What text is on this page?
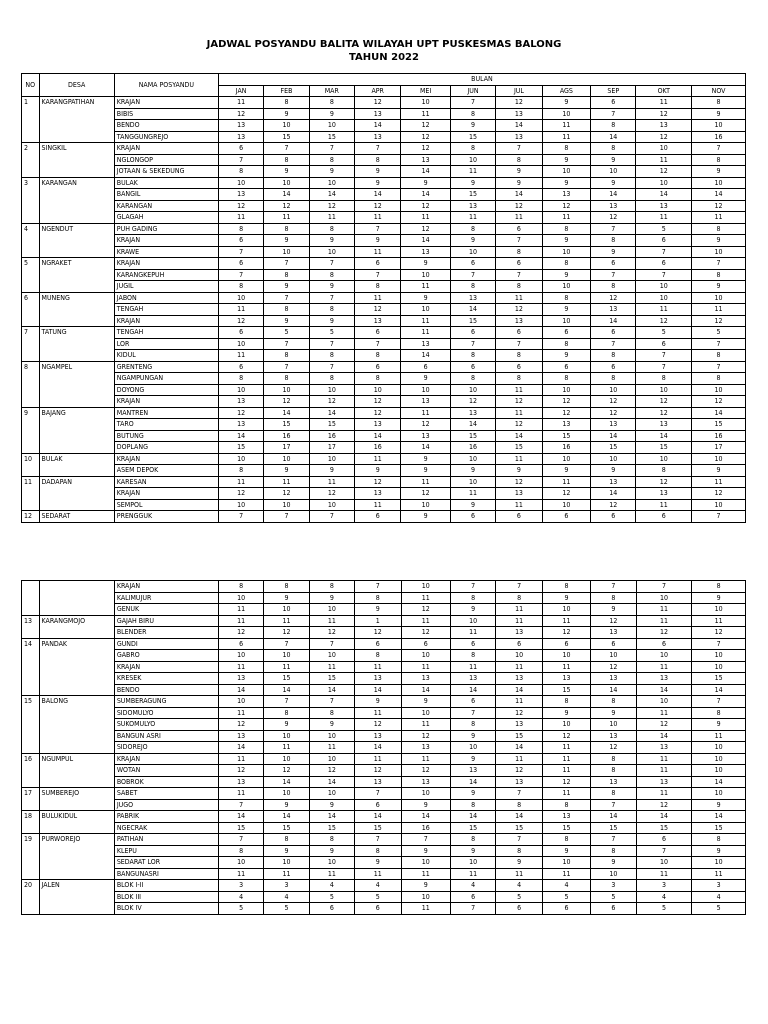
JADWAL POSYANDU BALITA WILAYAH UPT PUSKESMAS BALONG
TAHUN 2022
NO	DESA	NAMA POSYANDU	BULAN										
			JAN	FEB	MAR	APR	MEI	JUN	JUL	AGS	SEP	OKT	NOV
1	KARANGPATIHAN	KRAJAN	11	8	8	12	10	7	12	9	6	11	8
		BIBIS	12	9	9	13	11	8	13	10	7	12	9
		BENDO	13	10	10	14	12	9	14	11	8	13	10
		TANGGUNGREJO	13	15	15	13	12	15	13	11	14	12	16
2	SINGKIL	KRAJAN	6	7	7	7	12	8	7	8	8	10	7
		NGLONGOP	7	8	8	8	13	10	8	9	9	11	8
		JOTAAN & SEKEDUNG	8	9	9	9	14	11	9	10	10	12	9
3	KARANGAN	BULAK	10	10	10	9	9	9	9	9	9	10	10
		BANGIL	13	14	14	14	14	15	14	13	14	14	14
		KARANGAN	12	12	12	12	12	13	12	12	13	13	12
		GLAGAH	11	11	11	11	11	11	11	11	12	11	11
4	NGENDUT	PUH GADING	8	8	8	7	12	8	6	8	7	5	8
		KRAJAN	6	9	9	9	14	9	7	9	8	6	9
		KRAWE	7	10	10	11	13	10	8	10	9	7	10
5	NGRAKET	KRAJAN	6	7	7	6	9	6	6	8	6	6	7
		KARANGKEPUH	7	8	8	7	10	7	7	9	7	7	8
		JUGIL	8	9	9	8	11	8	8	10	8	10	9
6	MUNENG	JABON	10	7	7	11	9	13	11	8	12	10	10
		TENGAH	11	8	8	12	10	14	12	9	13	11	11
		KRAJAN	12	9	9	13	11	15	13	10	14	12	12
7	TATUNG	TENGAH	6	5	5	6	11	6	6	6	6	5	5
		LOR	10	7	7	7	13	7	7	8	7	6	7
		KIDUL	11	8	8	8	14	8	8	9	8	7	8
8	NGAMPEL	GRENTENG	6	7	7	6	6	6	6	6	6	7	7
		NGAMPUNGAN	8	8	8	8	9	8	8	8	8	8	8
		DOYONG	10	10	10	10	10	10	11	10	10	10	10
		KRAJAN	13	12	12	12	13	12	12	12	12	12	12
9	BAJANG	MANTREN	12	14	14	12	11	13	11	12	12	12	14
		TARO	13	15	15	13	12	14	12	13	13	13	15
		BUTUNG	14	16	16	14	13	15	14	15	14	14	16
		DOPLANG	15	17	17	16	14	16	15	16	15	15	17
10	BULAK	KRAJAN	10	10	10	11	9	10	11	10	10	10	10
		ASEM DEPOK	8	9	9	9	9	9	9	9	9	8	9
11	DADAPAN	KARESAN	11	11	11	12	11	10	12	11	13	12	11
		KRAJAN	12	12	12	13	12	11	13	12	14	13	12
		SEMPOL	10	10	10	11	10	9	11	10	12	11	10
12	SEDARAT	PRENGGUK	7	7	7	6	9	6	6	6	6	6	7
		KRAJAN	8	8	8	7	10	7	7	8	7	7	8
		KALIMUJUR	10	9	9	8	11	8	8	9	8	10	9
		GENUK	11	10	10	9	12	9	11	10	9	11	10
13	KARANGMOJO	GAJAH BIRU	11	11	11	1	11	10	11	11	12	11	11
		BLENDER	12	12	12	12	12	11	13	12	13	12	12
14	PANDAK	GUNDI	6	7	7	6	6	6	6	6	6	6	7
		GABRO	10	10	10	8	10	8	10	10	10	10	10
		KRAJAN	11	11	11	11	11	11	11	11	12	11	10
		KRESEK	13	15	15	13	13	13	13	13	13	13	15
		BENDO	14	14	14	14	14	14	14	15	14	14	14
15	BALONG	SUMBERAGUNG	10	7	7	9	9	6	11	8	8	10	7
		SIDOMULYO	11	8	8	11	10	7	12	9	9	11	8
		SUKOMULYO	12	9	9	12	11	8	13	10	10	12	9
		BANGUN ASRI	13	10	10	13	12	9	15	12	13	14	11
		SIDOREJO	14	11	11	14	13	10	14	11	12	13	10
16	NGUMPUL	KRAJAN	11	10	10	11	11	9	11	11	8	11	10
		WOTAN	12	12	12	12	12	13	12	11	8	11	10
		BOBROK	13	14	14	13	13	14	13	12	13	13	14
17	SUMBEREJO	SABET	11	10	10	7	10	9	7	11	8	11	10
		JUGO	7	9	9	6	9	8	8	8	7	12	9
18	BULUKIDUL	PABRIK	14	14	14	14	14	14	14	13	14	14	14
		NGECRAK	15	15	15	15	16	15	15	15	15	15	15
19	PURWOREJO	PATIHAN	7	8	8	7	7	8	7	8	7	6	8
		KLEPU	8	9	9	8	9	9	8	9	8	7	9
		SEDARAT LOR	10	10	10	9	10	10	9	10	9	10	10
		BANGUNASRI	11	11	11	11	11	11	11	11	10	11	11
20	JALEN	BLOK I-II	3	3	4	4	9	4	4	4	3	3	3
		BLOK III	4	4	5	5	10	6	5	5	5	4	4
		BLOK IV	5	5	6	6	11	7	6	6	6	5	5
